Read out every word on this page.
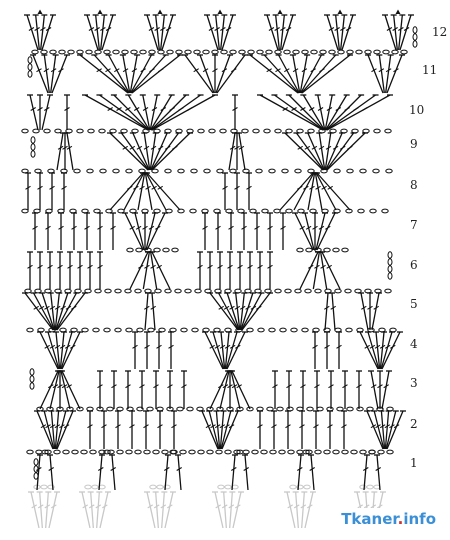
12
11
10
9
8
7
6
5
4
3
2
1
Tkaner.info
